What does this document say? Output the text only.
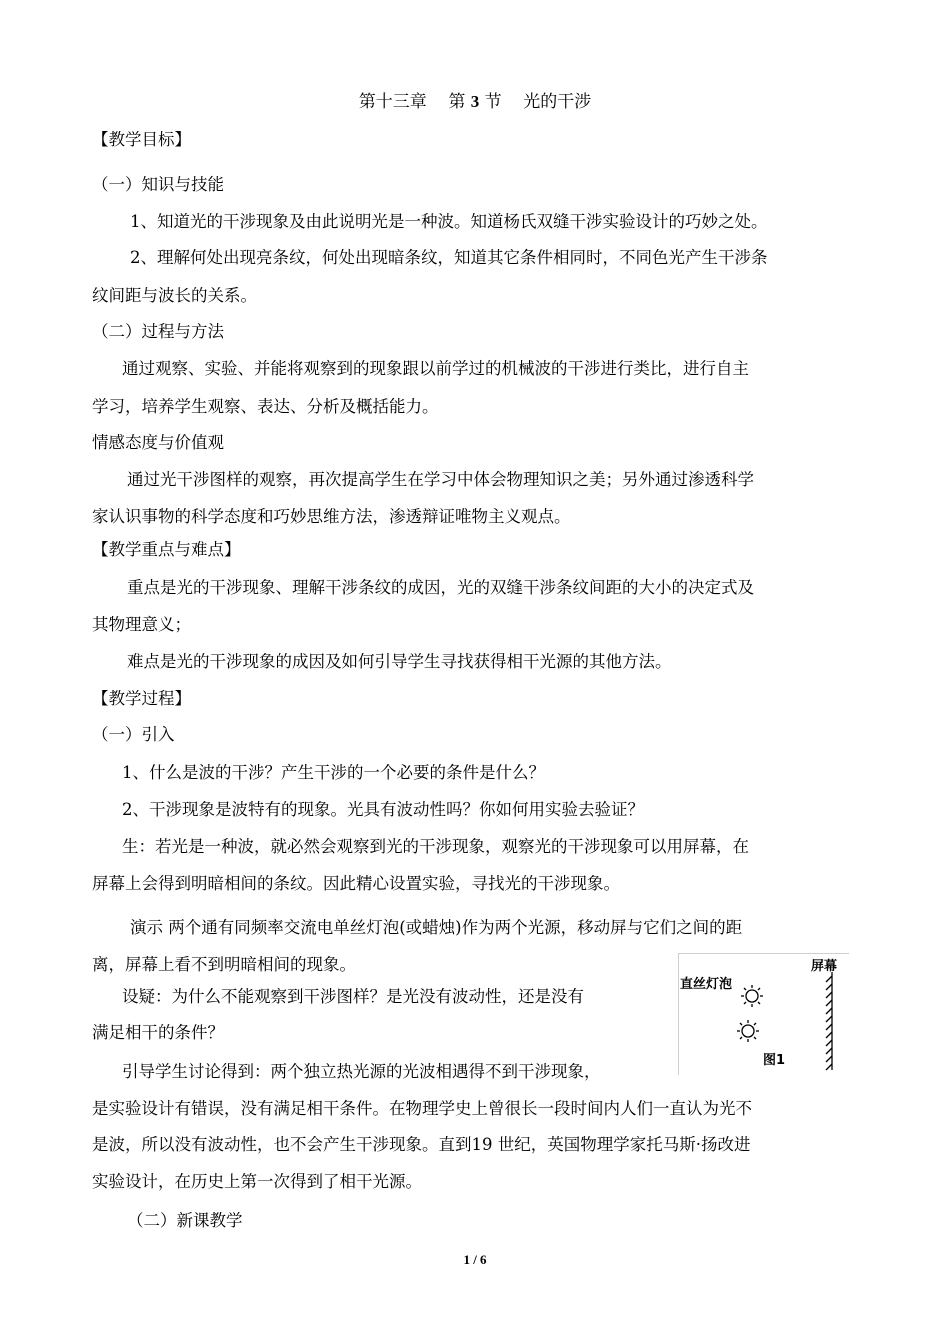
第十三章 第 3 节 光的干涉
【教学目标】
（一）知识与技能
1、知道光的干涉现象及由此说明光是一种波。知道杨氏双缝干涉实验设计的巧妙之处。
2、理解何处出现亮条纹，何处出现暗条纹，知道其它条件相同时，不同色光产生干涉条
纹间距与波长的关系。
（二）过程与方法
通过观察、实验、并能将观察到的现象跟以前学过的机械波的干涉进行类比，进行自主
学习，培养学生观察、表达、分析及概括能力。
情感态度与价值观
通过光干涉图样的观察，再次提高学生在学习中体会物理知识之美；另外通过渗透科学
家认识事物的科学态度和巧妙思维方法，渗透辩证唯物主义观点。
【教学重点与难点】
重点是光的干涉现象、理解干涉条纹的成因，光的双缝干涉条纹间距的大小的决定式及
其物理意义；
难点是光的干涉现象的成因及如何引导学生寻找获得相干光源的其他方法。
【教学过程】
（一）引入
1、什么是波的干涉？产生干涉的一个必要的条件是什么？
2、干涉现象是波特有的现象。光具有波动性吗？你如何用实验去验证？
生：若光是一种波，就必然会观察到光的干涉现象，观察光的干涉现象可以用屏幕，在
屏幕上会得到明暗相间的条纹。因此精心设置实验，寻找光的干涉现象。
演示 两个通有同频率交流电单丝灯泡(或蜡烛)作为两个光源，移动屏与它们之间的距
离，屏幕上看不到明暗相间的现象。
设疑：为什么不能观察到干涉图样？是光没有波动性，还是没有
满足相干的条件？
引导学生讨论得到：两个独立热光源的光波相遇得不到干涉现象，
是实验设计有错误，没有满足相干条件。在物理学史上曾很长一段时间内人们一直认为光不
是波，所以没有波动性，也不会产生干涉现象。直到19 世纪，英国物理学家托马斯·扬改进
实验设计，在历史上第一次得到了相干光源。
（二）新课教学
直丝灯泡
屏幕
图1
1 / 6
